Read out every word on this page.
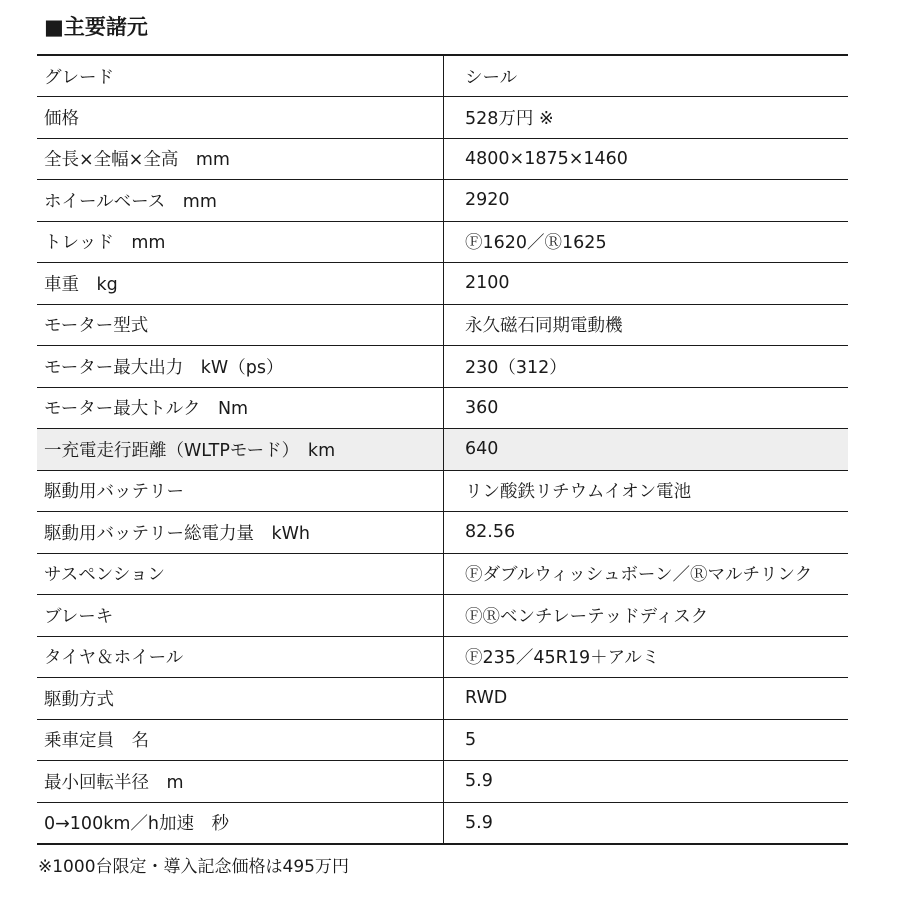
■主要諸元
グレード	シール
価格	528万円 ※
全長×全幅×全高　mm	4800×1875×1460
ホイールベース　mm	2920
トレッド　mm	Ⓕ1620／Ⓡ1625
車重　kg	2100
モーター型式	永久磁石同期電動機
モーター最大出力　kW（ps）	230（312）
モーター最大トルク　Nm	360
一充電走行距離（WLTPモード）　km	640
駆動用バッテリー	リン酸鉄リチウムイオン電池
駆動用バッテリー総電力量　kWh	82.56
サスペンション	Ⓕダブルウィッシュボーン／Ⓡマルチリンク
ブレーキ	ⒻⓇベンチレーテッドディスク
タイヤ＆ホイール	Ⓕ235／45R19＋アルミ
駆動方式	RWD
乗車定員　名	5
最小回転半径　m	5.9
0→100km／h加速　秒	5.9
※1000台限定・導入記念価格は495万円
